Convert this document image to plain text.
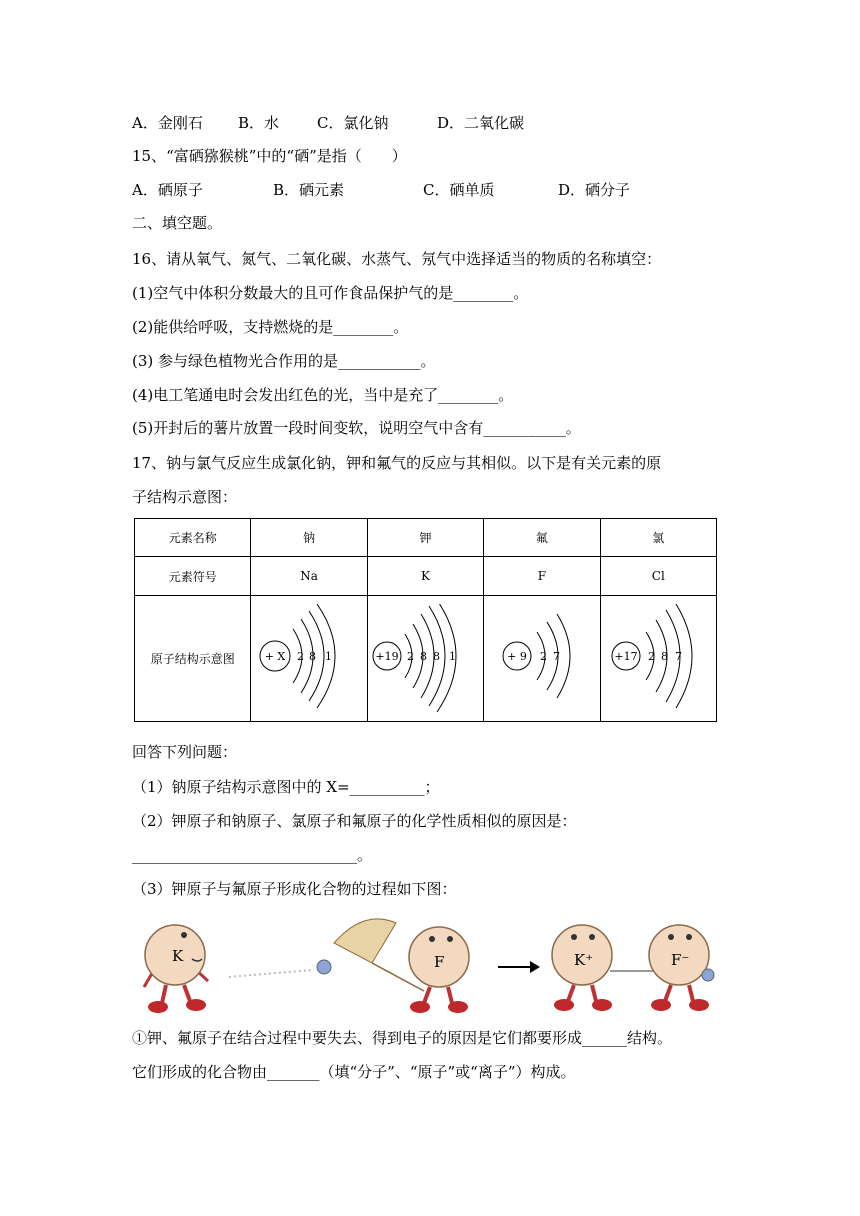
A．金刚石 B．水	C．氯化钠	D．二氧化碳
15、“富硒猕猴桃”中的“硒”是指（　　）
A．硒原子	B．硒元素	C．硒单质	D．硒分子
二、填空题。
16、请从氧气、氮气、二氧化碳、水蒸气、氖气中选择适当的物质的名称填空：
(1)空气中体积分数最大的且可作食品保护气的是________。
(2)能供给呼吸，支持燃烧的是________。
(3) 参与绿色植物光合作用的是___________。
(4)电工笔通电时会发出红色的光，当中是充了________。
(5)开封后的薯片放置一段时间变软，说明空气中含有___________。
17、钠与氯气反应生成氯化钠，钾和氟气的反应与其相似。以下是有关元素的原
子结构示意图：
元素名称	钠	钾	氟	氯
元素符号	Na	K	F	Cl
原子结构示意图	+ X 2 8 1	+19 2 8 8 1	+ 9 2 7	+17 2 8 7
回答下列问题：
（1）钠原子结构示意图中的 X=__________；
（2）钾原子和钠原子、氯原子和氟原子的化学性质相似的原因是：
______________________________。
（3）钾原子与氟原子形成化合物的过程如下图：
K	F	K⁺	F⁻
①钾、氟原子在结合过程中要失去、得到电子的原因是它们都要形成______结构。
它们形成的化合物由_______（填“分子”、“原子”或“离子”）构成。
